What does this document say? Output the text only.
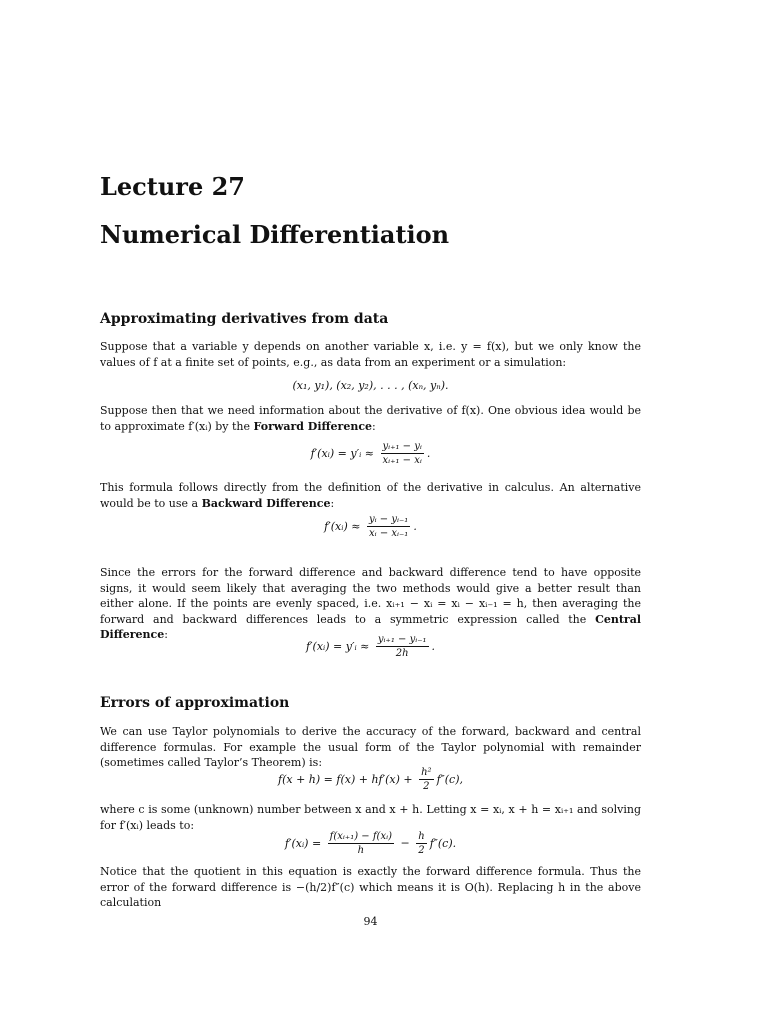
Lecture 27
Numerical Differentiation
Approximating derivatives from data

Suppose that a variable y depends on another variable x, i.e. y = f(x), but we only know the values of f at a finite set of points, e.g., as data from an experiment or a simulation:

(x₁, y₁), (x₂, y₂), . . . , (xₙ, yₙ).

Suppose then that we need information about the derivative of f(x). One obvious idea would be to approximate f′(xᵢ) by the Forward Difference:

f′(xᵢ) = y′ᵢ ≈ $\frac{\text{yᵢ₊₁ − yᵢ}}{\text{xᵢ₊₁ − xᵢ}}$ .

This formula follows directly from the definition of the derivative in calculus. An alternative would be to use a Backward Difference:

f′(xᵢ) ≈ $\frac{\text{yᵢ − yᵢ₋₁}}{\text{xᵢ − xᵢ₋₁}}$ .

Since the errors for the forward difference and backward difference tend to have opposite signs, it would seem likely that averaging the two methods would give a better result than either alone. If the points are evenly spaced, i.e. xᵢ₊₁ − xᵢ = xᵢ − xᵢ₋₁ = h, then averaging the forward and backward differences leads to a symmetric expression called the Central Difference:

f′(xᵢ) = y′ᵢ ≈ $\frac{\text{yᵢ₊₁ − yᵢ₋₁}}{2h}$ .
Errors of approximation

We can use Taylor polynomials to derive the accuracy of the forward, backward and central difference formulas. For example the usual form of the Taylor polynomial with remainder (sometimes called Taylor’s Theorem) is:

$f(x + h) = f(x) + hf'(x) + \frac{\text{h²}}{2} f''(c)$,

where c is some (unknown) number between x and x + h. Letting x = xᵢ, x + h = xᵢ₊₁ and solving for f′(xᵢ) leads to:

f′(xᵢ) = $\frac{\text{f(xᵢ₊₁) − f(xᵢ)}}{h} - \frac{h}{2} f''(c)$.

Notice that the quotient in this equation is exactly the forward difference formula. Thus the error of the forward difference is −(h/2)f″(c) which means it is O(h). Replacing h in the above calculation

94
